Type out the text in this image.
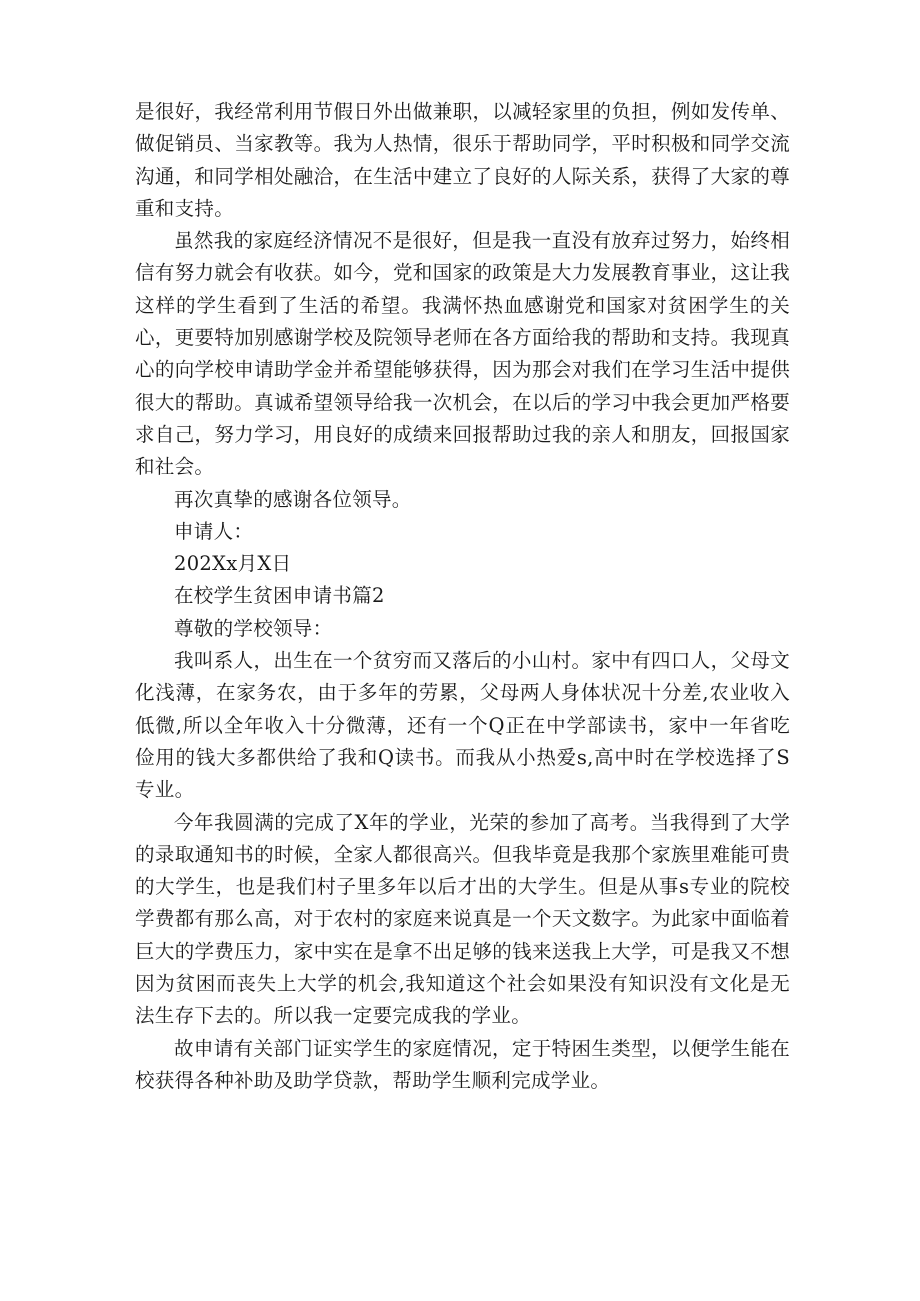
是很好，我经常利用节假日外出做兼职，以减轻家里的负担，例如发传单、做促销员、当家教等。我为人热情，很乐于帮助同学，平时积极和同学交流沟通，和同学相处融洽，在生活中建立了良好的人际关系，获得了大家的尊重和支持。

虽然我的家庭经济情况不是很好，但是我一直没有放弃过努力，始终相信有努力就会有收获。如今，党和国家的政策是大力发展教育事业，这让我这样的学生看到了生活的希望。我满怀热血感谢党和国家对贫困学生的关心，更要特加别感谢学校及院领导老师在各方面给我的帮助和支持。我现真心的向学校申请助学金并希望能够获得，因为那会对我们在学习生活中提供很大的帮助。真诚希望领导给我一次机会，在以后的学习中我会更加严格要求自己，努力学习，用良好的成绩来回报帮助过我的亲人和朋友，回报国家和社会。

再次真挚的感谢各位领导。

申请人：

202Xx月X日

在校学生贫困申请书篇2

尊敬的学校领导：

我叫系人，出生在一个贫穷而又落后的小山村。家中有四口人，父母文化浅薄，在家务农，由于多年的劳累，父母两人身体状况十分差,农业收入低微,所以全年收入十分微薄，还有一个Q正在中学部读书，家中一年省吃俭用的钱大多都供给了我和Q读书。而我从小热爱s,高中时在学校选择了S专业。

今年我圆满的完成了X年的学业，光荣的参加了高考。当我得到了大学的录取通知书的时候，全家人都很高兴。但我毕竟是我那个家族里难能可贵的大学生，也是我们村子里多年以后才出的大学生。但是从事s专业的院校学费都有那么高，对于农村的家庭来说真是一个天文数字。为此家中面临着巨大的学费压力，家中实在是拿不出足够的钱来送我上大学，可是我又不想因为贫困而丧失上大学的机会,我知道这个社会如果没有知识没有文化是无法生存下去的。所以我一定要完成我的学业。

故申请有关部门证实学生的家庭情况，定于特困生类型，以便学生能在校获得各种补助及助学贷款，帮助学生顺利完成学业。
